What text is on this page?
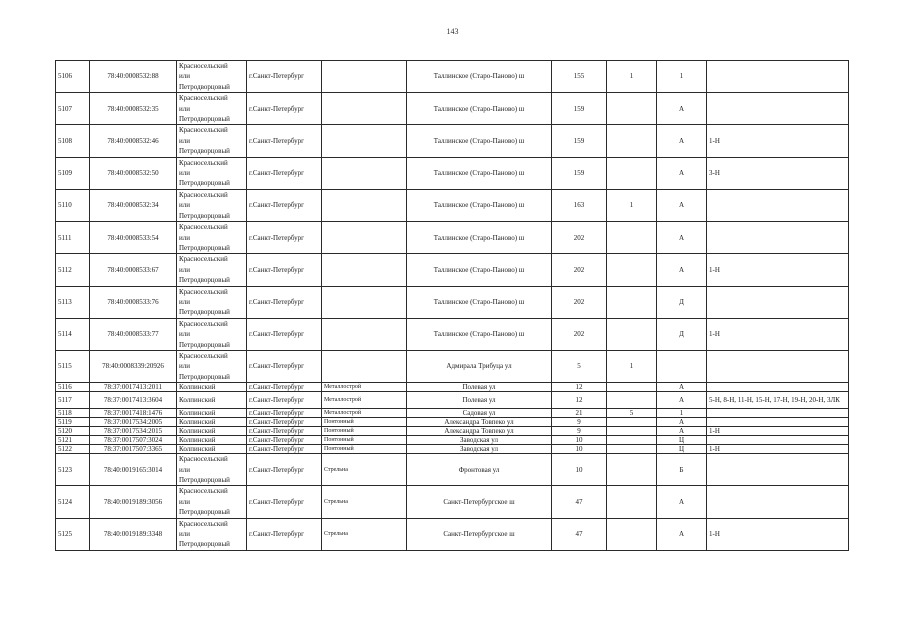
143
5106	78:40:0008532:88	Красносельский
или
Петродворцовый	г.Санкт-Петербург		Таллинское (Старо-Паново) ш	155	1	1	
5107	78:40:0008532:35	Красносельский
или
Петродворцовый	г.Санкт-Петербург		Таллинское (Старо-Паново) ш	159		А	
5108	78:40:0008532:46	Красносельский
или
Петродворцовый	г.Санкт-Петербург		Таллинское (Старо-Паново) ш	159		А	1-Н
5109	78:40:0008532:50	Красносельский
или
Петродворцовый	г.Санкт-Петербург		Таллинское (Старо-Паново) ш	159		А	3-Н
5110	78:40:0008532:34	Красносельский
или
Петродворцовый	г.Санкт-Петербург		Таллинское (Старо-Паново) ш	163	1	А	
5111	78:40:0008533:54	Красносельский
или
Петродворцовый	г.Санкт-Петербург		Таллинское (Старо-Паново) ш	202		А	
5112	78:40:0008533:67	Красносельский
или
Петродворцовый	г.Санкт-Петербург		Таллинское (Старо-Паново) ш	202		А	1-Н
5113	78:40:0008533:76	Красносельский
или
Петродворцовый	г.Санкт-Петербург		Таллинское (Старо-Паново) ш	202		Д	
5114	78:40:0008533:77	Красносельский
или
Петродворцовый	г.Санкт-Петербург		Таллинское (Старо-Паново) ш	202		Д	1-Н
5115	78:40:0008339:20926	Красносельский
или
Петродворцовый	г.Санкт-Петербург		Адмирала Трибуца ул	5	1		
5116	78:37:0017413:2011	Колпинский	г.Санкт-Петербург	Металлострой	Полевая ул	12		А	
5117	78:37:0017413:3604	Колпинский	г.Санкт-Петербург	Металлострой	Полевая ул	12		А	5-Н, 8-Н, 11-Н, 15-Н, 17-Н, 19-Н, 20-Н, 3ЛК
5118	78:37:0017418:1476	Колпинский	г.Санкт-Петербург	Металлострой	Садовая ул	21	5	1	
5119	78:37:0017534:2005	Колпинский	г.Санкт-Петербург	Понтонный	Александра Товпеко ул	9		А	
5120	78:37:0017534:2015	Колпинский	г.Санкт-Петербург	Понтонный	Александра Товпеко ул	9		А	1-Н
5121	78:37:0017507:3024	Колпинский	г.Санкт-Петербург	Понтонный	Заводская ул	10		Ц	
5122	78:37:0017507:3365	Колпинский	г.Санкт-Петербург	Понтонный	Заводская ул	10		Ц	1-Н
5123	78:40:0019165:3014	Красносельский
или
Петродворцовый	г.Санкт-Петербург	Стрельна	Фронтовая ул	10		Б	
5124	78:40:0019189:3056	Красносельский
или
Петродворцовый	г.Санкт-Петербург	Стрельна	Санкт-Петербургское ш	47		А	
5125	78:40:0019189:3348	Красносельский
или
Петродворцовый	г.Санкт-Петербург	Стрельна	Санкт-Петербургское ш	47		А	1-Н
